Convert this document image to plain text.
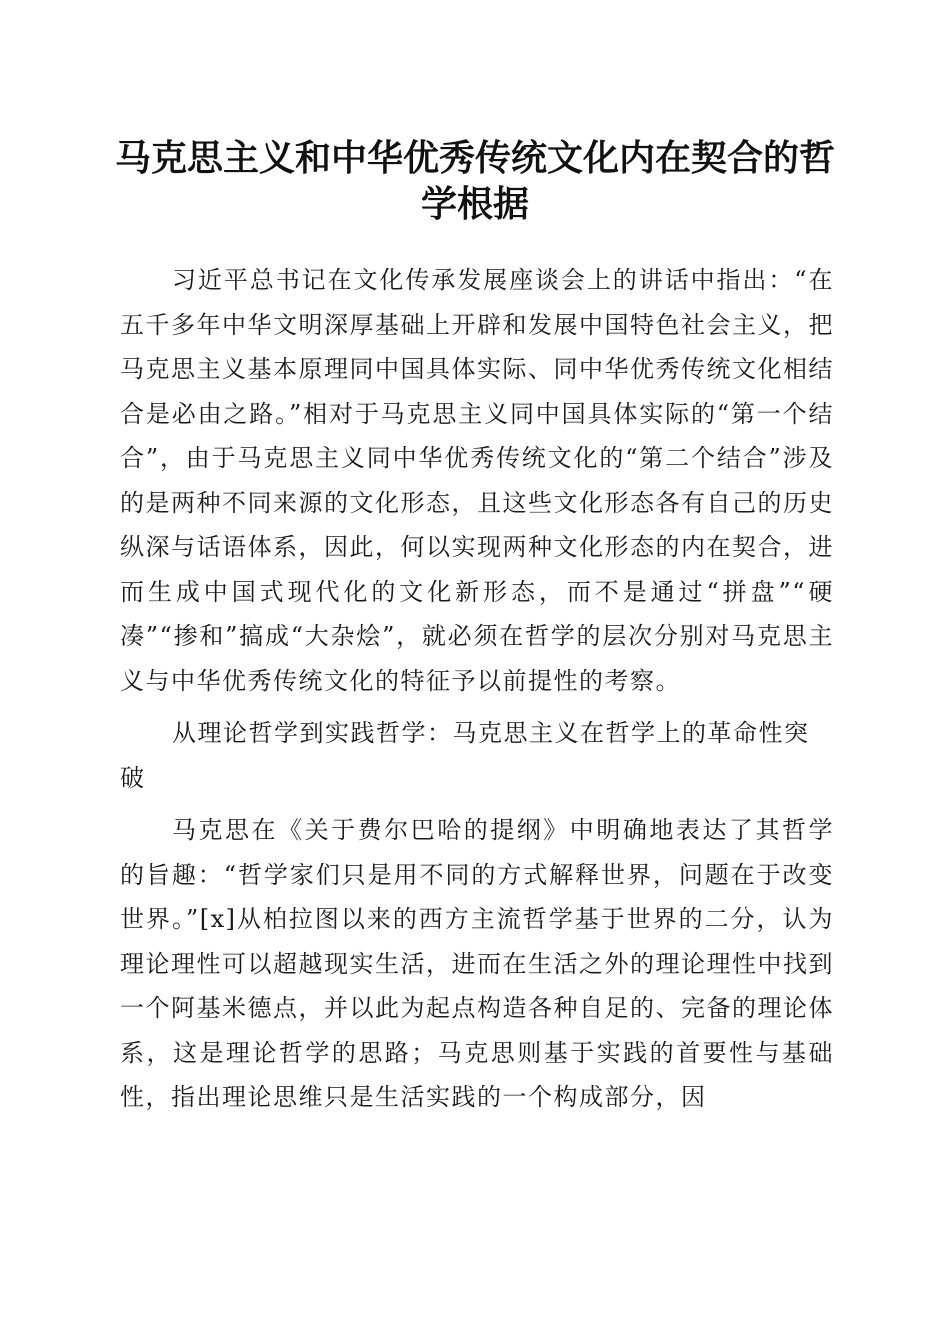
马克思主义和中华优秀传统文化内在契合的哲学根据

习近平总书记在文化传承发展座谈会上的讲话中指出：“在五千多年中华文明深厚基础上开辟和发展中国特色社会主义，把马克思主义基本原理同中国具体实际、同中华优秀传统文化相结合是必由之路。”相对于马克思主义同中国具体实际的“第一个结合”，由于马克思主义同中华优秀传统文化的“第二个结合”涉及的是两种不同来源的文化形态，且这些文化形态各有自己的历史纵深与话语体系，因此，何以实现两种文化形态的内在契合，进而生成中国式现代化的文化新形态，而不是通过“拼盘”“硬凑”“掺和”搞成“大杂烩”，就必须在哲学的层次分别对马克思主义与中华优秀传统文化的特征予以前提性的考察。

从理论哲学到实践哲学：马克思主义在哲学上的革命性突破

马克思在《关于费尔巴哈的提纲》中明确地表达了其哲学的旨趣：“哲学家们只是用不同的方式解释世界，问题在于改变世界。”[x]从柏拉图以来的西方主流哲学基于世界的二分，认为理论理性可以超越现实生活，进而在生活之外的理论理性中找到一个阿基米德点，并以此为起点构造各种自足的、完备的理论体系，这是理论哲学的思路；马克思则基于实践的首要性与基础性，指出理论思维只是生活实践的一个构成部分，因
